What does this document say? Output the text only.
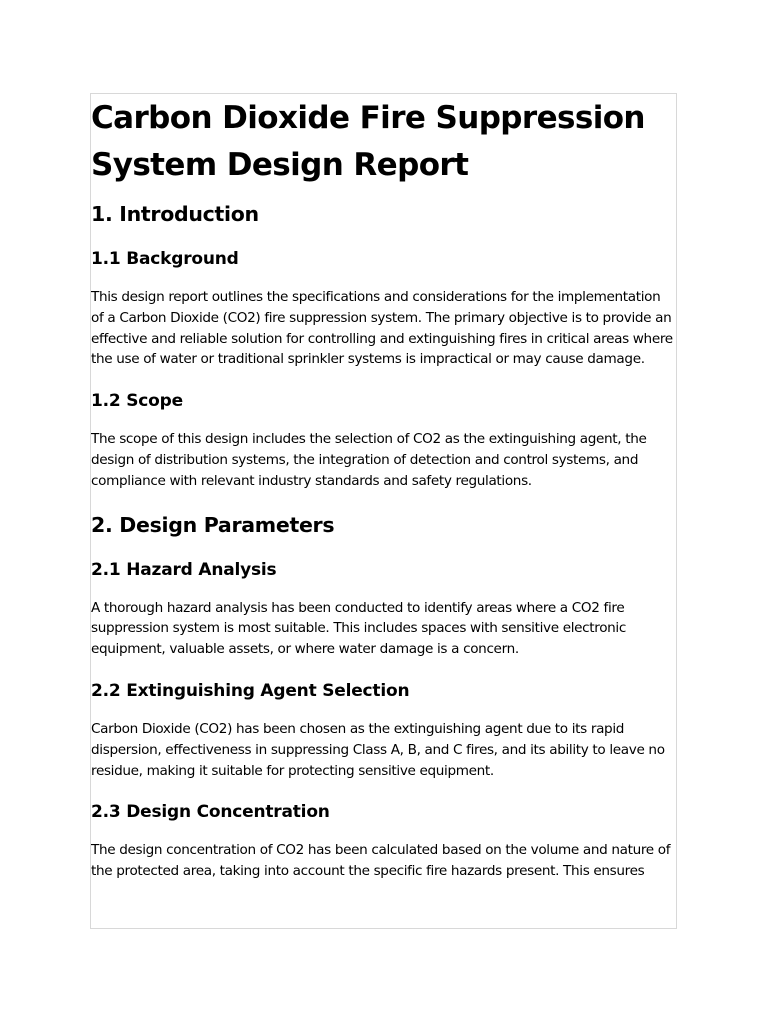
Carbon Dioxide Fire Suppression System Design Report
1. Introduction
1.1 Background

This design report outlines the specifications and considerations for the implementation of a Carbon Dioxide (CO2) fire suppression system. The primary objective is to provide an effective and reliable solution for controlling and extinguishing fires in critical areas where the use of water or traditional sprinkler systems is impractical or may cause damage.

1.2 Scope

The scope of this design includes the selection of CO2 as the extinguishing agent, the design of distribution systems, the integration of detection and control systems, and compliance with relevant industry standards and safety regulations.

2. Design Parameters
2.1 Hazard Analysis

A thorough hazard analysis has been conducted to identify areas where a CO2 fire suppression system is most suitable. This includes spaces with sensitive electronic equipment, valuable assets, or where water damage is a concern.

2.2 Extinguishing Agent Selection

Carbon Dioxide (CO2) has been chosen as the extinguishing agent due to its rapid dispersion, effectiveness in suppressing Class A, B, and C fires, and its ability to leave no residue, making it suitable for protecting sensitive equipment.

2.3 Design Concentration

The design concentration of CO2 has been calculated based on the volume and nature of the protected area, taking into account the specific fire hazards present. This ensures
